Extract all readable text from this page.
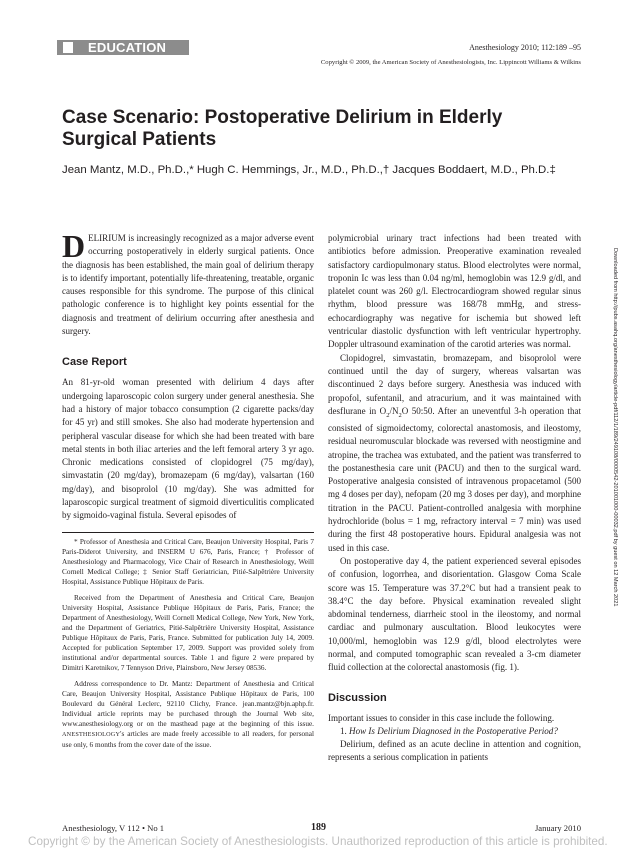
EDUCATION	Anesthesiology 2010; 112:189 –95
Copyright © 2009, the American Society of Anesthesiologists, Inc. Lippincott Williams & Wilkins
Case Scenario: Postoperative Delirium in Elderly Surgical Patients
Jean Mantz, M.D., Ph.D.,* Hugh C. Hemmings, Jr., M.D., Ph.D.,† Jacques Boddaert, M.D., Ph.D.‡

DELIRIUM is increasingly recognized as a major adverse event occurring postoperatively in elderly surgical patients. Once the diagnosis has been established, the main goal of delirium therapy is to identify important, potentially life-threatening, treatable, organic causes responsible for this syndrome. The purpose of this clinical pathologic conference is to highlight key points essential for the diagnosis and treatment of delirium occurring after anesthesia and surgery.

Case Report

An 81-yr-old woman presented with delirium 4 days after undergoing laparoscopic colon surgery under general anesthesia. She had a history of major tobacco consumption (2 cigarette packs/day for 45 yr) and still smokes. She also had moderate hypertension and peripheral vascular disease for which she had been treated with bare metal stents in both iliac arteries and the left femoral artery 3 yr ago. Chronic medications consisted of clopidogrel (75 mg/day), simvastatin (20 mg/day), bromazepam (6 mg/day), valsartan (160 mg/day), and bisoprolol (10 mg/day). She was admitted for laparoscopic surgical treatment of sigmoid diverticulitis complicated by sigmoido-vaginal fistula. Several episodes of

* Professor of Anesthesia and Critical Care, Beaujon University Hospital, Paris 7 Paris-Diderot University, and INSERM U 676, Paris, France; † Professor of Anesthesiology and Pharmacology, Vice Chair of Research in Anesthesiology, Weill Cornell Medical College; ‡ Senior Staff Geriatrician, Pitié-Salpêtrière University Hospital, Assistance Publique Hôpitaux de Paris.

Received from the Department of Anesthesia and Critical Care, Beaujon University Hospital, Assistance Publique Hôpitaux de Paris, Paris, France; the Department of Anesthesiology, Weill Cornell Medical College, New York, New York, and the Department of Geriatrics, Pitié-Salpêtrière University Hospital, Assistance Publique Hôpitaux de Paris, Paris, France. Submitted for publication July 14, 2009. Accepted for publication September 17, 2009. Support was provided solely from institutional and/or departmental sources. Table 1 and figure 2 were prepared by Dimitri Karetnikov, 7 Tennyson Drive, Plainsboro, New Jersey 08536.

Address correspondence to Dr. Mantz: Department of Anesthesia and Critical Care, Beaujon University Hospital, Assistance Publique Hôpitaux de Paris, 100 Boulevard du Général Leclerc, 92110 Clichy, France. jean.mantz@bjn.aphp.fr. Individual article reprints may be purchased through the Journal Web site, www.anesthesiology.org or on the masthead page at the beginning of this issue. ANESTHESIOLOGY's articles are made freely accessible to all readers, for personal use only, 6 months from the cover date of the issue.

polymicrobial urinary tract infections had been treated with antibiotics before admission. Preoperative examination revealed satisfactory cardiopulmonary status. Blood electrolytes were normal, troponin Ic was less than 0.04 ng/ml, hemoglobin was 12.9 g/dl, and platelet count was 260 g/l. Electrocardiogram showed regular sinus rhythm, blood pressure was 168/78 mmHg, and stress-echocardiography was negative for ischemia but showed left ventricular diastolic dysfunction with left ventricular hypertrophy. Doppler ultrasound examination of the carotid arteries was normal.

Clopidogrel, simvastatin, bromazepam, and bisoprolol were continued until the day of surgery, whereas valsartan was discontinued 2 days before surgery. Anesthesia was induced with propofol, sufentanil, and atracurium, and it was maintained with desflurane in $O_2/N_2O$ 50:50. After an uneventful 3-h operation that consisted of sigmoidectomy, colorectal anastomosis, and ileostomy, residual neuromuscular blockade was reversed with neostigmine and atropine, the trachea was extubated, and the patient was transferred to the postanesthesia care unit (PACU) and then to the surgical ward. Postoperative analgesia consisted of intravenous propacetamol (500 mg 4 doses per day), nefopam (20 mg 3 doses per day), and morphine titration in the PACU. Patient-controlled analgesia with morphine hydrochloride (bolus = 1 mg, refractory interval = 7 min) was used during the first 48 postoperative hours. Epidural analgesia was not used in this case.

On postoperative day 4, the patient experienced several episodes of confusion, logorrhea, and disorientation. Glasgow Coma Scale score was 15. Temperature was 37.2°C but had a transient peak to 38.4°C the day before. Physical examination revealed slight abdominal tenderness, diarrheic stool in the ileostomy, and normal cardiac and pulmonary auscultation. Blood leukocytes were 10,000/ml, hemoglobin was 12.9 g/dl, blood electrolytes were normal, and computed tomographic scan revealed a 3-cm diameter fluid collection at the colorectal anastomosis (fig. 1).

Discussion

Important issues to consider in this case include the following.

1. How Is Delirium Diagnosed in the Postoperative Period?

Delirium, defined as an acute decline in attention and cognition, represents a serious complication in patients

Downloaded from http://pubs.asahq.org/anesthesiology/article-pdf/112/1/189/249108/0000542-201001000-00032.pdf by guest on 12 March 2021
Anesthesiology, V 112 • No 1	189	January 2010
Copyright © by the American Society of Anesthesiologists. Unauthorized reproduction of this article is prohibited.
